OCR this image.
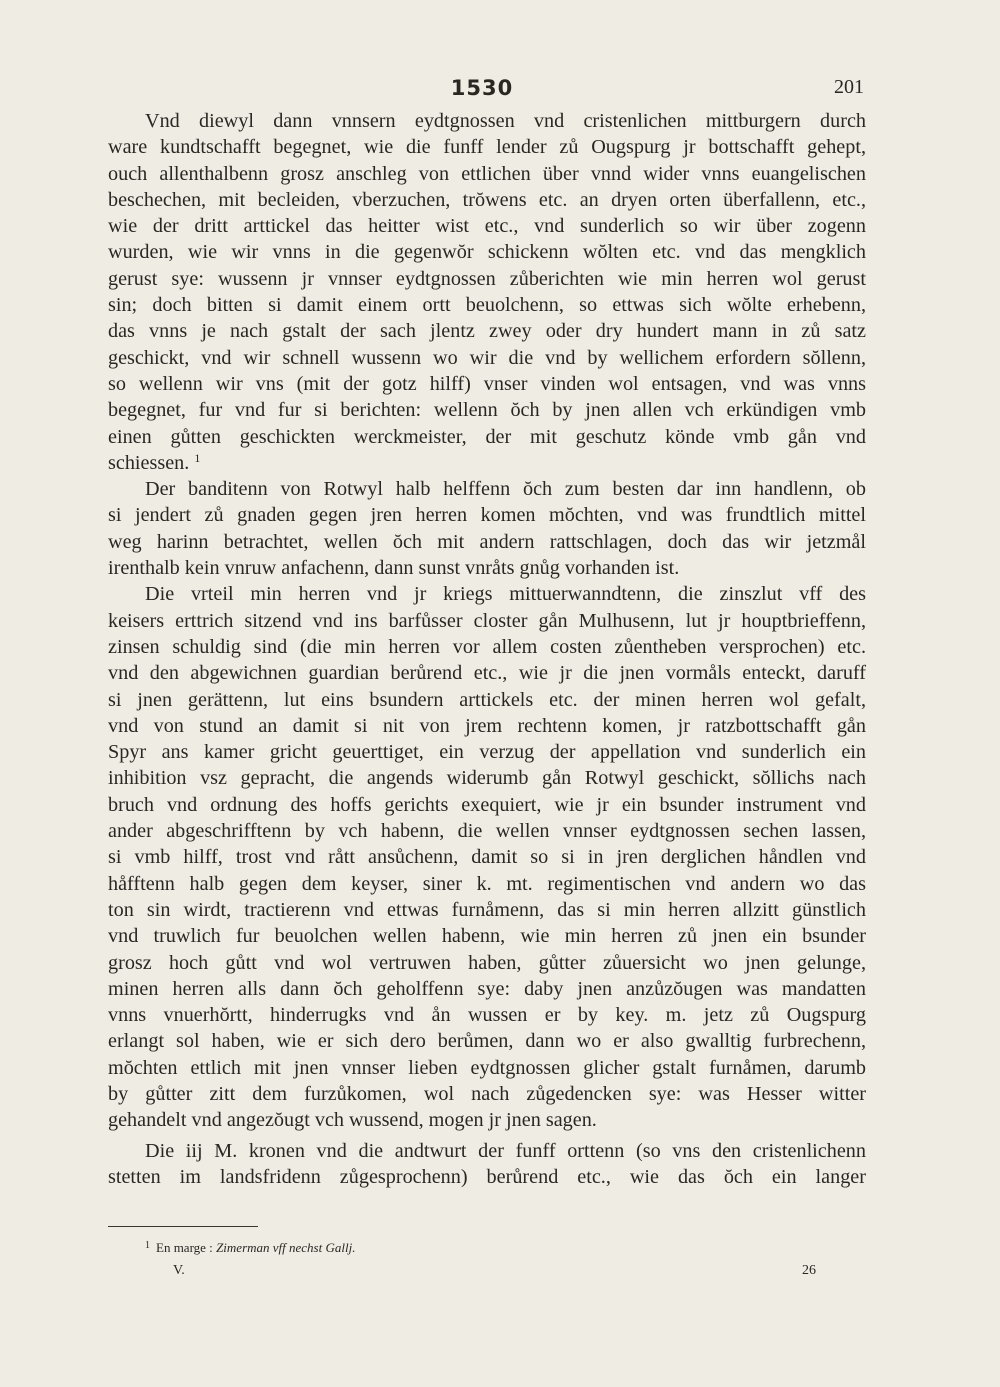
1530	201
Vnd diewyl dann vnnsern eydtgnossen vnd cristenlichen mittburgern durch
ware kundtschafft begegnet, wie die funff lender zů Ougspurg jr bottschafft gehept,
ouch allenthalbenn grosz anschleg von ettlichen über vnnd wider vnns euangelischen
beschechen, mit becleiden, vberzuchen, trŏwens etc. an dryen orten überfallenn, etc.,
wie der dritt arttickel das heitter wist etc., vnd sunderlich so wir über zogenn
wurden, wie wir vnns in die gegenwŏr schickenn wŏlten etc. vnd das mengklich
gerust sye: wussenn jr vnnser eydtgnossen zůberichten wie min herren wol gerust
sin; doch bitten si damit einem ortt beuolchenn, so ettwas sich wŏlte erhebenn,
das vnns je nach gstalt der sach jlentz zwey oder dry hundert mann in zů satz
geschickt, vnd wir schnell wussenn wo wir die vnd by wellichem erfordern sŏllenn,
so wellenn wir vns (mit der gotz hilff) vnser vinden wol entsagen, vnd was vnns
begegnet, fur vnd fur si berichten: wellenn ŏch by jnen allen vch erkündigen vmb
einen gůtten geschickten werckmeister, der mit geschutz könde vmb gån vnd
schiessen. $^1$
Der banditenn von Rotwyl halb helffenn ŏch zum besten dar inn handlenn, ob
si jendert zů gnaden gegen jren herren komen mŏchten, vnd was frundtlich mittel
weg harinn betrachtet, wellen ŏch mit andern rattschlagen, doch das wir jetzmål
irenthalb kein vnruw anfachenn, dann sunst vnråts gnůg vorhanden ist.
Die vrteil min herren vnd jr kriegs mittuerwanndtenn, die zinszlut vff des
keisers erttrich sitzend vnd ins barfůsser closter gån Mulhusenn, lut jr houptbrieffenn,
zinsen schuldig sind (die min herren vor allem costen zůentheben versprochen) etc.
vnd den abgewichnen guardian berůrend etc., wie jr die jnen vormåls enteckt, daruff
si jnen gerättenn, lut eins bsundern arttickels etc. der minen herren wol gefalt,
vnd von stund an damit si nit von jrem rechtenn komen, jr ratzbottschafft gån
Spyr ans kamer gricht geuerttiget, ein verzug der appellation vnd sunderlich ein
inhibition vsz gepracht, die angends widerumb gån Rotwyl geschickt, sŏllichs nach
bruch vnd ordnung des hoffs gerichts exequiert, wie jr ein bsunder instrument vnd
ander abgeschrifftenn by vch habenn, die wellen vnnser eydtgnossen sechen lassen,
si vmb hilff, trost vnd rått ansůchenn, damit so si in jren derglichen håndlen vnd
håfftenn halb gegen dem keyser, siner k. mt. regimentischen vnd andern wo das
ton sin wirdt, tractierenn vnd ettwas furnåmenn, das si min herren allzitt günstlich
vnd truwlich fur beuolchen wellen habenn, wie min herren zů jnen ein bsunder
grosz hoch gůtt vnd wol vertruwen haben, gůtter zůuersicht wo jnen gelunge,
minen herren alls dann ŏch geholffenn sye: daby jnen anzůzŏugen was mandatten
vnns vnuerhŏrtt, hinderrugks vnd ån wussen er by key. m. jetz zů Ougspurg
erlangt sol haben, wie er sich dero berůmen, dann wo er also gwalltig furbrechenn,
mŏchten ettlich mit jnen vnnser lieben eydtgnossen glicher gstalt furnåmen, darumb
by gůtter zitt dem furzůkomen, wol nach zůgedencken sye: was Hesser witter
gehandelt vnd angezŏugt vch wussend, mogen jr jnen sagen.
Die iij M. kronen vnd die andtwurt der funff orttenn (so vns den cristenlichenn
stetten im landsfridenn zůgesprochenn) berůrend etc., wie das ŏch ein langer
$^1$ En marge : Zimerman vff nechst Gallj.
V.	26
